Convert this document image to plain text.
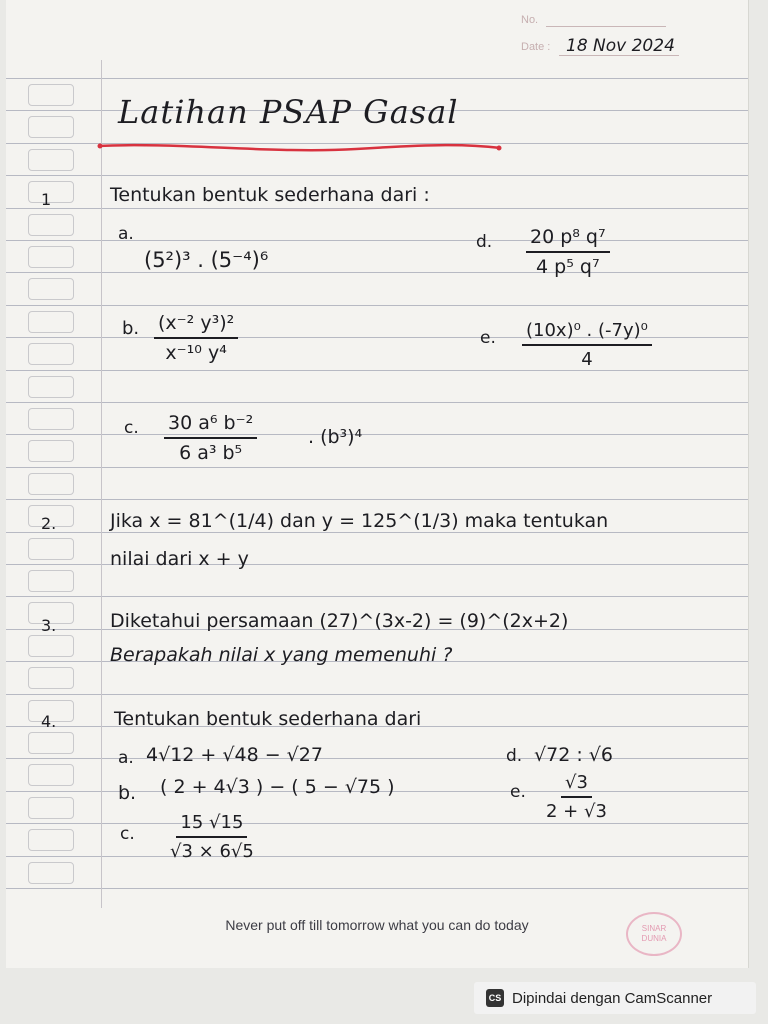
No.
Date : 18 Nov 2024
Latihan PSAP Gasal
1	Tentukan bentuk sederhana dari :
a.
(5²)³ . (5⁻⁴)⁶
d. $\frac{\text{20 p⁸ q⁷}}{\text{4 p⁵ q⁷}}$
b. $\frac{\text{(x⁻² y³)²}}{\text{x⁻¹⁰ y⁴}}$	e. $\frac{\text{(10x)⁰ . (-7y)⁰}}{4}$
c. $\frac{\text{30 a⁶ b⁻²}}{\text{6 a³ b⁵}}$	. (b³)⁴
2.	Jika x = 81^(1/4) dan y = 125^(1/3) maka tentukan
nilai dari x + y
3.	Diketahui persamaan (27)^(3x-2) = (9)^(2x+2)
Berapakah nilai x yang memenuhi ?
4.	Tentukan bentuk sederhana dari
a. 4√12 + √48 − √27	d. √72 : √6
b. ( 2 + 4√3 ) − ( 5 − √75 )	e. $\frac{√3}{2 + √3}$
c. $\frac{15 √15}{√3 \times 6√5}$
Never put off till tomorrow what you can do today	SINAR
DUNIA
CS Dipindai dengan CamScanner
